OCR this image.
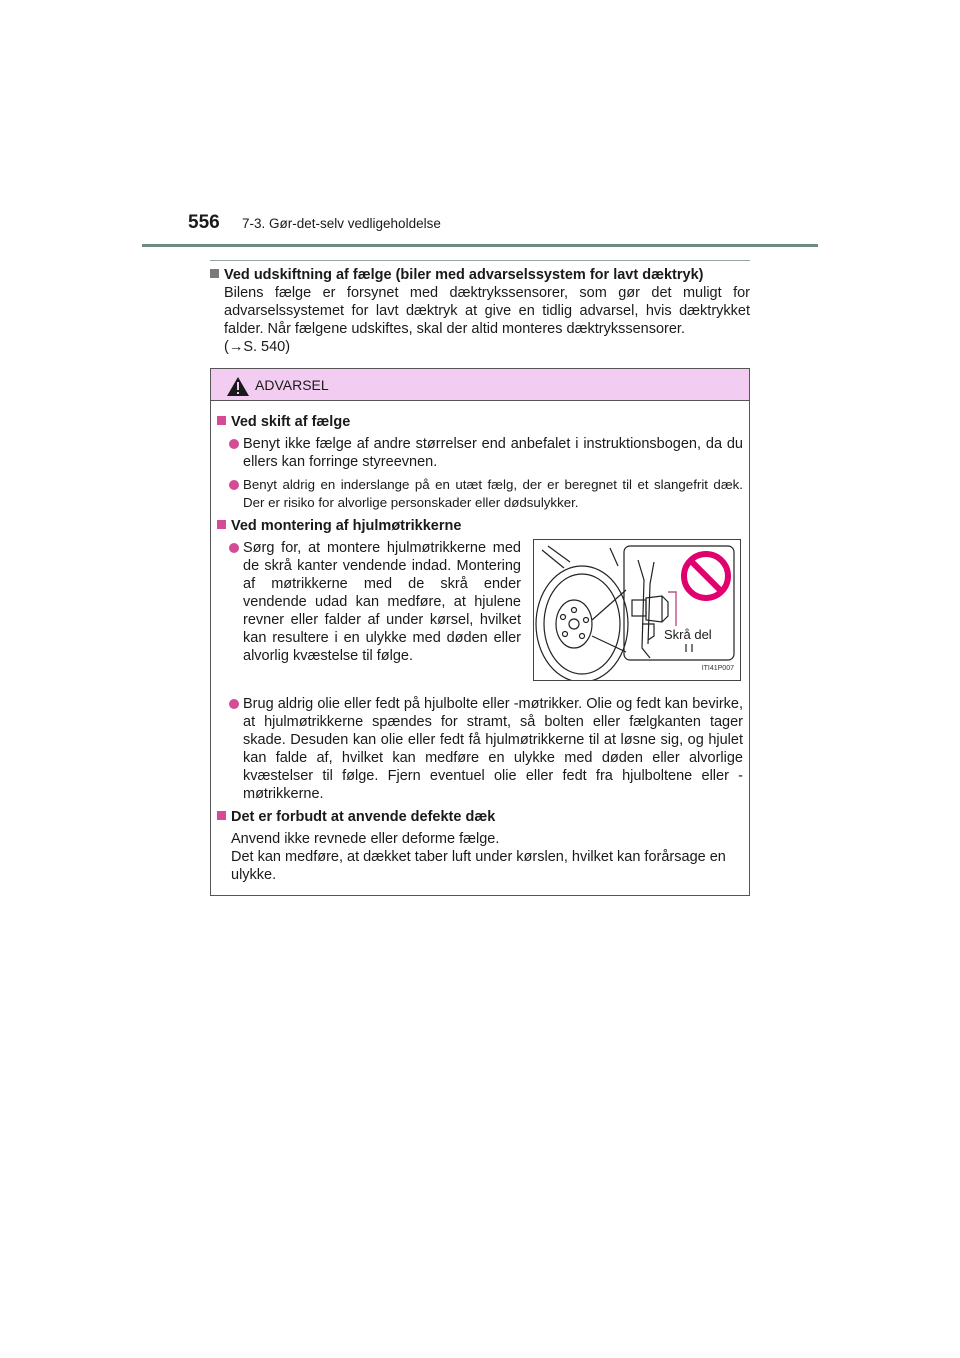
556 7-3. Gør-det-selv vedligeholdelse
Ved udskiftning af fælge (biler med advarselssystem for lavt dæktryk)
Bilens fælge er forsynet med dæktrykssensorer, som gør det muligt for advarselssystemet for lavt dæktryk at give en tidlig advarsel, hvis dæktrykket falder. Når fælgene udskiftes, skal der altid monteres dæktrykssensorer.
(→S. 540)
ADVARSEL
Ved skift af fælge
Benyt ikke fælge af andre størrelser end anbefalet i instruktionsbogen, da du ellers kan forringe styreevnen.
Benyt aldrig en inderslange på en utæt fælg, der er beregnet til et slangefrit dæk. Der er risiko for alvorlige personskader eller dødsulykker.
Ved montering af hjulmøtrikkerne
Sørg for, at montere hjulmøtrikkerne med de skrå kanter vendende indad. Montering af møtrikkerne med de skrå ender vendende udad kan medføre, at hjulene revner eller falder af under kørsel, hvilket kan resultere i en ulykke med døden eller alvorlig kvæstelse til følge.
Skrå del
ITI41P007
Brug aldrig olie eller fedt på hjulbolte eller -møtrikker. Olie og fedt kan bevirke, at hjulmøtrikkerne spændes for stramt, så bolten eller fælgkanten tager skade. Desuden kan olie eller fedt få hjulmøtrikkerne til at løsne sig, og hjulet kan falde af, hvilket kan medføre en ulykke med døden eller alvorlige kvæstelser til følge. Fjern eventuel olie eller fedt fra hjulboltene eller -møtrikkerne.
Det er forbudt at anvende defekte dæk
Anvend ikke revnede eller deforme fælge.
Det kan medføre, at dækket taber luft under kørslen, hvilket kan forårsage en ulykke.
